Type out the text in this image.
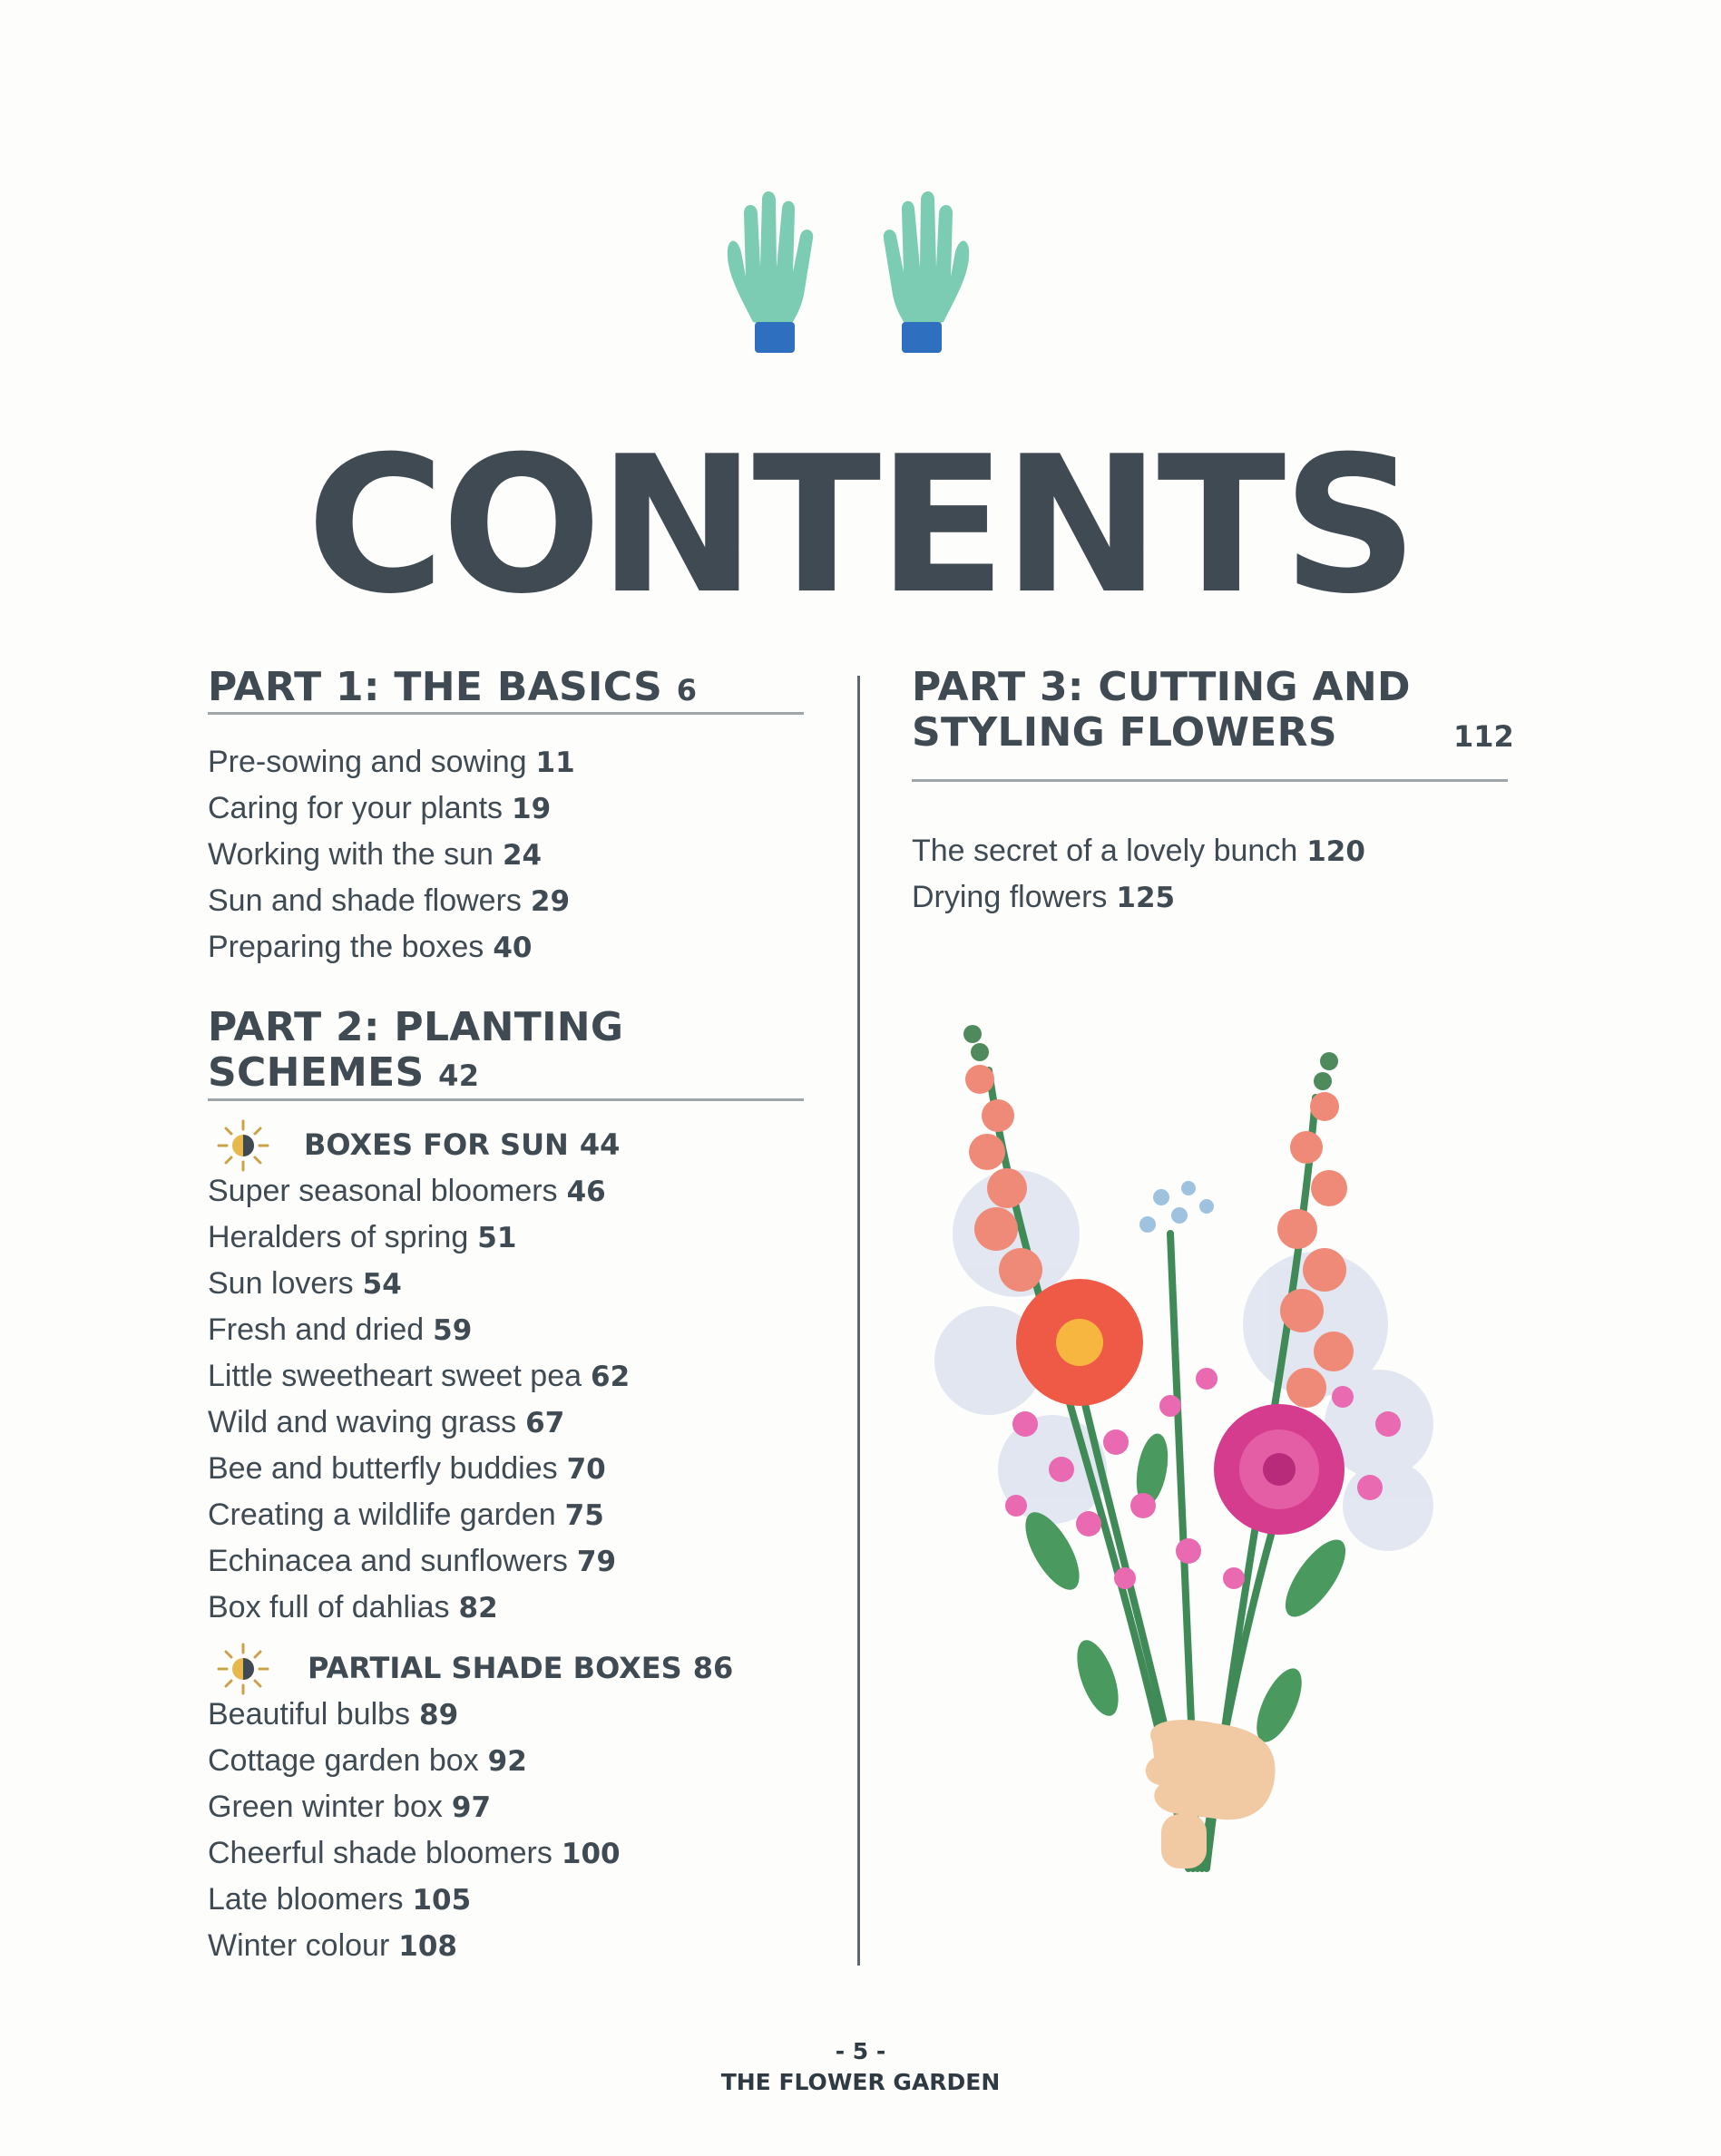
CONTENTS
PART 1: THE BASICS 6
Pre-sowing and sowing 11
Caring for your plants 19
Working with the sun 24
Sun and shade flowers 29
Preparing the boxes 40
PART 2: PLANTING
SCHEMES 42
BOXES FOR SUN 44
Super seasonal bloomers 46
Heralders of spring 51
Sun lovers 54
Fresh and dried 59
Little sweetheart sweet pea 62
Wild and waving grass 67
Bee and butterfly buddies 70
Creating a wildlife garden 75
Echinacea and sunflowers 79
Box full of dahlias 82
PARTIAL SHADE BOXES 86
Beautiful bulbs 89
Cottage garden box 92
Green winter box 97
Cheerful shade bloomers 100
Late bloomers 105
Winter colour 108
PART 3: CUTTING AND
STYLING FLOWERS	112
The secret of a lovely bunch 120
Drying flowers 125
- 5 -
THE FLOWER GARDEN
